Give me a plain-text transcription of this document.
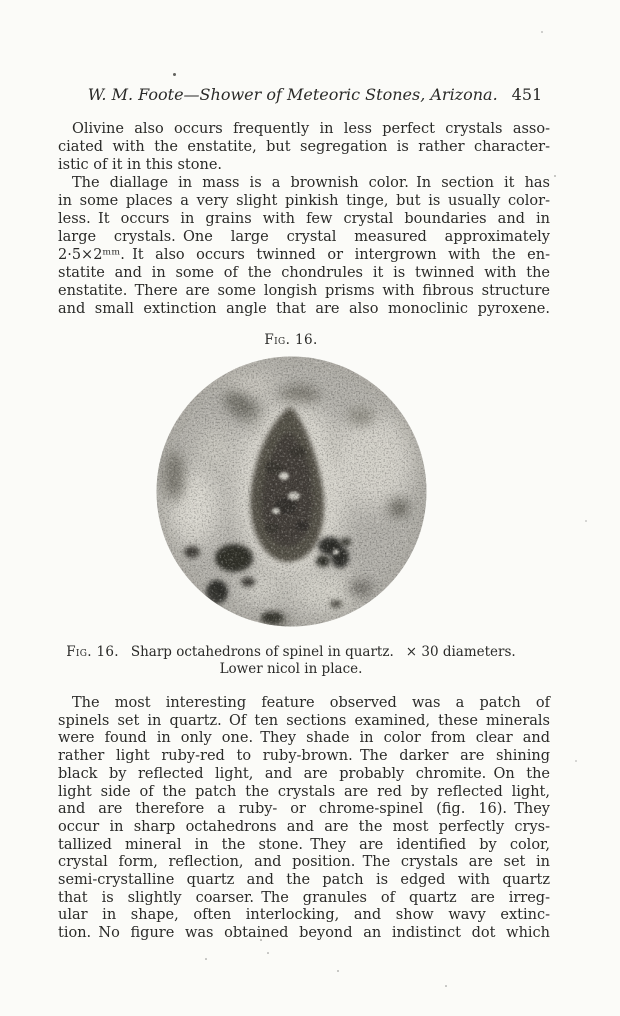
W. M. Foote—Shower of Meteoric Stones, Arizona. 451
Olivine also occurs frequently in less perfect crystals asso-
ciated with the enstatite, but segregation is rather character-
istic of it in this stone.
The diallage in mass is a brownish color. In section it has
in some places a very slight pinkish tinge, but is usually color-
less. It occurs in grains with few crystal boundaries and in
large crystals. One large crystal measured approximately
2·5×2ᵐᵐ. It also occurs twinned or intergrown with the en-
statite and in some of the chondrules it is twinned with the
enstatite. There are some longish prisms with fibrous structure
and small extinction angle that are also monoclinic pyroxene.
Fig. 16.
Fig. 16. Sharp octahedrons of spinel in quartz. × 30 diameters.
Lower nicol in place.
The most interesting feature observed was a patch of
spinels set in quartz. Of ten sections examined, these minerals
were found in only one. They shade in color from clear and
rather light ruby-red to ruby-brown. The darker are shining
black by reflected light, and are probably chromite. On the
light side of the patch the crystals are red by reflected light,
and are therefore a ruby- or chrome-spinel (fig. 16). They
occur in sharp octahedrons and are the most perfectly crys-
tallized mineral in the stone. They are identified by color,
crystal form, reflection, and position. The crystals are set in
semi-crystalline quartz and the patch is edged with quartz
that is slightly coarser. The granules of quartz are irreg-
ular in shape, often interlocking, and show wavy extinc-
tion. No figure was obtained beyond an indistinct dot which
